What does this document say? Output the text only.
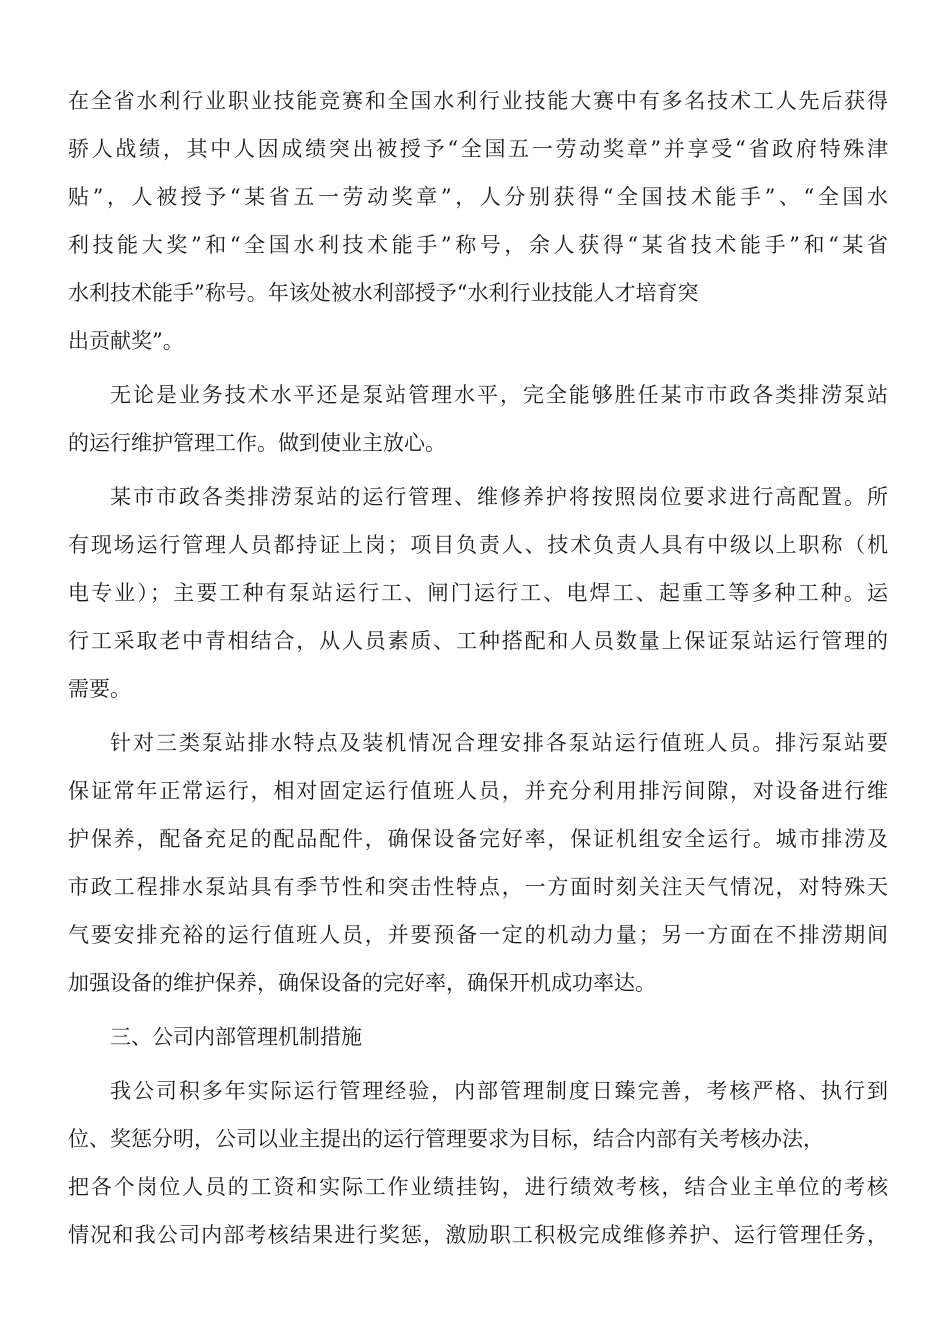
在全省水利行业职业技能竞赛和全国水利行业技能大赛中有多名技术工人先后获得
骄人战绩，其中人因成绩突出被授予“全国五一劳动奖章”并享受“省政府特殊津
贴”，人被授予“某省五一劳动奖章”，人分别获得“全国技术能手”、“全国水
利技能大奖”和“全国水利技术能手”称号，余人获得“某省技术能手”和“某省
水利技术能手”称号。年该处被水利部授予“水利行业技能人才培育突
出贡献奖”。
无论是业务技术水平还是泵站管理水平，完全能够胜任某市市政各类排涝泵站
的运行维护管理工作。做到使业主放心。
某市市政各类排涝泵站的运行管理、维修养护将按照岗位要求进行高配置。所
有现场运行管理人员都持证上岗；项目负责人、技术负责人具有中级以上职称（机
电专业）；主要工种有泵站运行工、闸门运行工、电焊工、起重工等多种工种。运
行工采取老中青相结合，从人员素质、工种搭配和人员数量上保证泵站运行管理的
需要。
针对三类泵站排水特点及装机情况合理安排各泵站运行值班人员。排污泵站要
保证常年正常运行，相对固定运行值班人员，并充分利用排污间隙，对设备进行维
护保养，配备充足的配品配件，确保设备完好率，保证机组安全运行。城市排涝及
市政工程排水泵站具有季节性和突击性特点，一方面时刻关注天气情况，对特殊天
气要安排充裕的运行值班人员，并要预备一定的机动力量；另一方面在不排涝期间
加强设备的维护保养，确保设备的完好率，确保开机成功率达。
三、公司内部管理机制措施
我公司积多年实际运行管理经验，内部管理制度日臻完善，考核严格、执行到
位、奖惩分明，公司以业主提出的运行管理要求为目标，结合内部有关考核办法，
把各个岗位人员的工资和实际工作业绩挂钩，进行绩效考核，结合业主单位的考核
情况和我公司内部考核结果进行奖惩，激励职工积极完成维修养护、运行管理任务，
